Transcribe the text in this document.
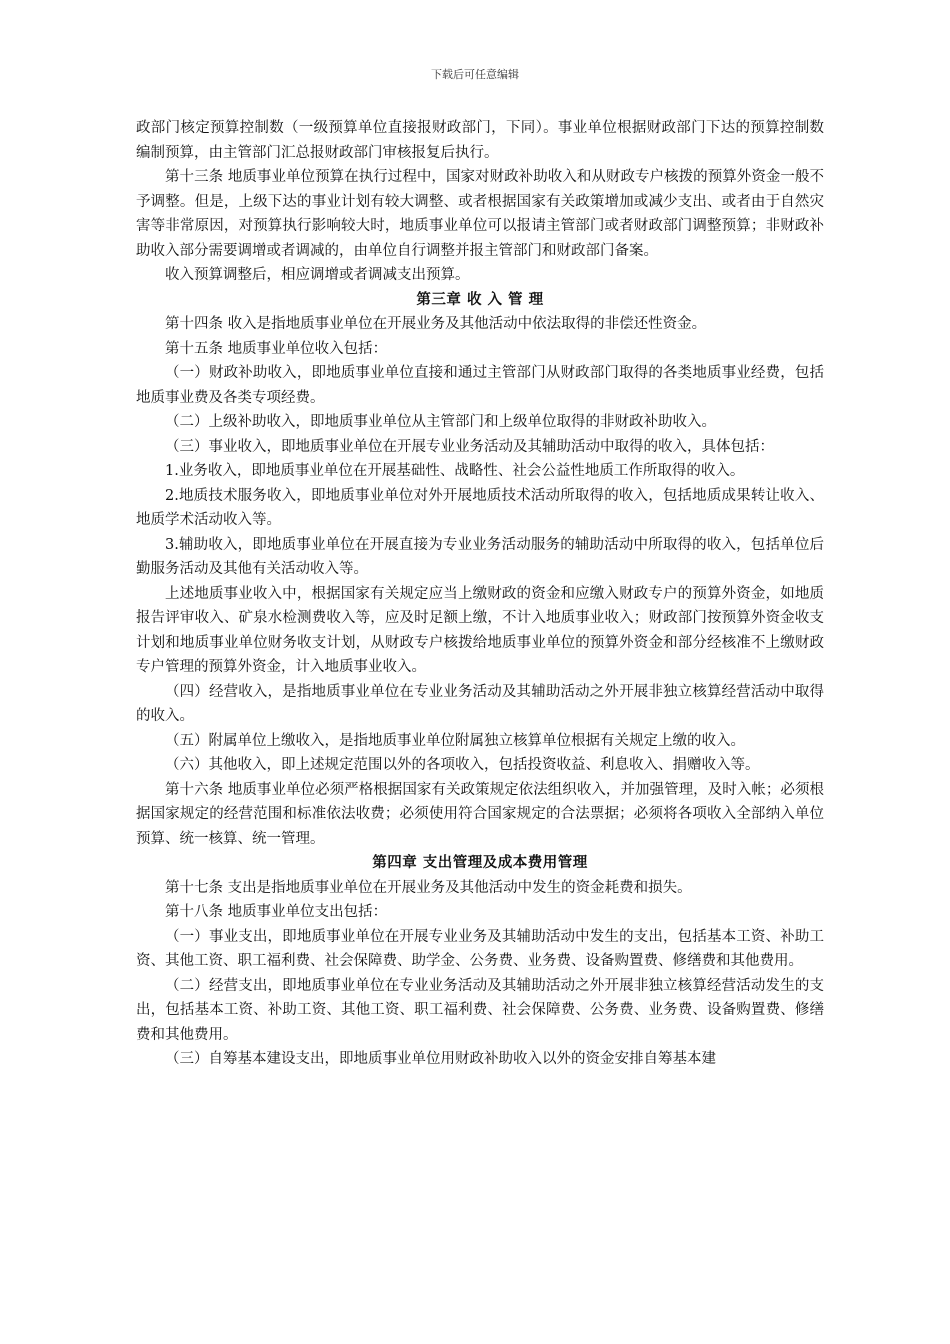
下载后可任意编辑

政部门核定预算控制数（一级预算单位直接报财政部门，下同）。事业单位根据财政部门下达的预算控制数编制预算，由主管部门汇总报财政部门审核报复后执行。

第十三条 地质事业单位预算在执行过程中，国家对财政补助收入和从财政专户核拨的预算外资金一般不予调整。但是，上级下达的事业计划有较大调整、或者根据国家有关政策增加或减少支出、或者由于自然灾害等非常原因，对预算执行影响较大时，地质事业单位可以报请主管部门或者财政部门调整预算；非财政补助收入部分需要调增或者调减的，由单位自行调整并报主管部门和财政部门备案。

收入预算调整后，相应调增或者调减支出预算。

第三章 收 入 管 理

第十四条 收入是指地质事业单位在开展业务及其他活动中依法取得的非偿还性资金。

第十五条 地质事业单位收入包括：

（一）财政补助收入，即地质事业单位直接和通过主管部门从财政部门取得的各类地质事业经费，包括地质事业费及各类专项经费。

（二）上级补助收入，即地质事业单位从主管部门和上级单位取得的非财政补助收入。

（三）事业收入，即地质事业单位在开展专业业务活动及其辅助活动中取得的收入，具体包括：

1.业务收入，即地质事业单位在开展基础性、战略性、社会公益性地质工作所取得的收入。

2.地质技术服务收入，即地质事业单位对外开展地质技术活动所取得的收入，包括地质成果转让收入、地质学术活动收入等。

3.辅助收入，即地质事业单位在开展直接为专业业务活动服务的辅助活动中所取得的收入，包括单位后勤服务活动及其他有关活动收入等。

上述地质事业收入中，根据国家有关规定应当上缴财政的资金和应缴入财政专户的预算外资金，如地质报告评审收入、矿泉水检测费收入等，应及时足额上缴，不计入地质事业收入；财政部门按预算外资金收支计划和地质事业单位财务收支计划，从财政专户核拨给地质事业单位的预算外资金和部分经核准不上缴财政专户管理的预算外资金，计入地质事业收入。

（四）经营收入，是指地质事业单位在专业业务活动及其辅助活动之外开展非独立核算经营活动中取得的收入。

（五）附属单位上缴收入，是指地质事业单位附属独立核算单位根据有关规定上缴的收入。

（六）其他收入，即上述规定范围以外的各项收入，包括投资收益、利息收入、捐赠收入等。

第十六条 地质事业单位必须严格根据国家有关政策规定依法组织收入，并加强管理，及时入帐；必须根据国家规定的经营范围和标准依法收费；必须使用符合国家规定的合法票据；必须将各项收入全部纳入单位预算、统一核算、统一管理。

第四章 支出管理及成本费用管理

第十七条 支出是指地质事业单位在开展业务及其他活动中发生的资金耗费和损失。

第十八条 地质事业单位支出包括：

（一）事业支出，即地质事业单位在开展专业业务及其辅助活动中发生的支出，包括基本工资、补助工资、其他工资、职工福利费、社会保障费、助学金、公务费、业务费、设备购置费、修缮费和其他费用。

（二）经营支出，即地质事业单位在专业业务活动及其辅助活动之外开展非独立核算经营活动发生的支出，包括基本工资、补助工资、其他工资、职工福利费、社会保障费、公务费、业务费、设备购置费、修缮费和其他费用。

（三）自筹基本建设支出，即地质事业单位用财政补助收入以外的资金安排自筹基本建
